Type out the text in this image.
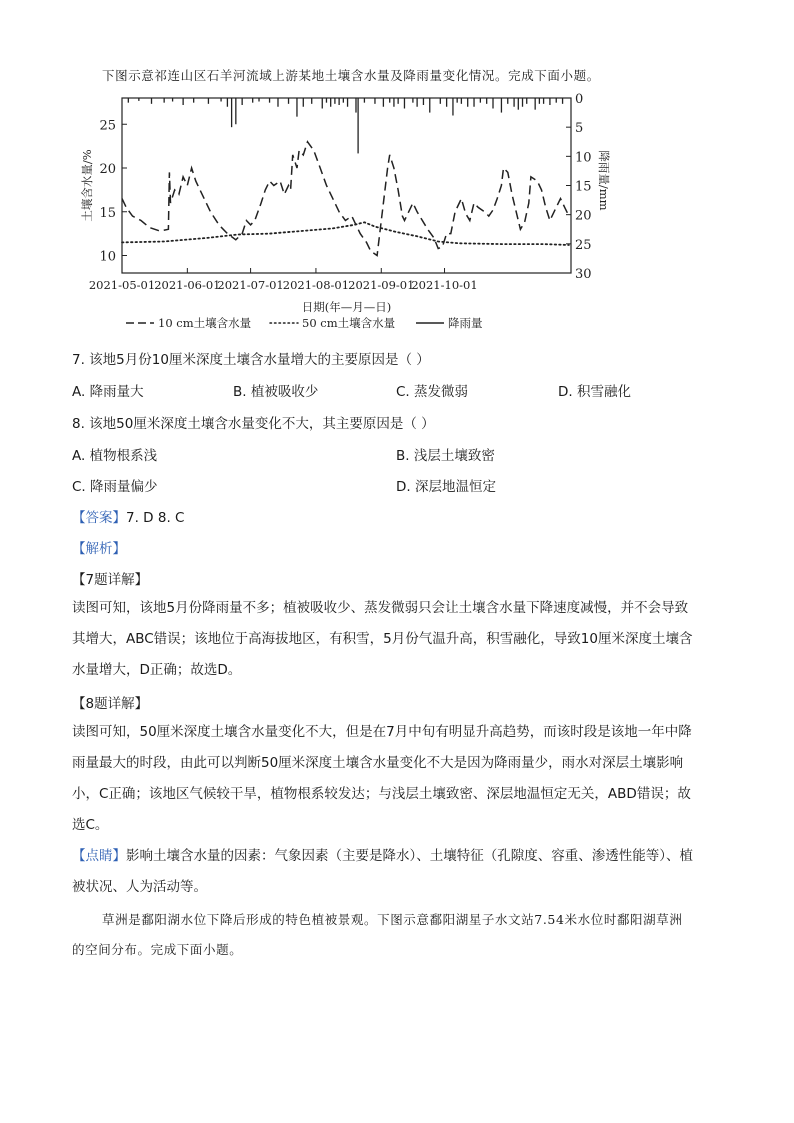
下图示意祁连山区石羊河流域上游某地土壤含水量及降雨量变化情况。完成下面小题。
10
15
20
25
0
5
10
15
20
25
30
2021-05-01 2021-06-01
2021-07-01 2021-08-01 2021-09-01
2021-10-01
日期(年—月—日)
土壤含水量/%	降雨量/mm
10 cm土壤含水量	50 cm土壤含水量	降雨量
7. 该地5月份10厘米深度土壤含水量增大的主要原因是（ ）
A. 降雨量大	B. 植被吸收少	C. 蒸发微弱	D. 积雪融化
8. 该地50厘米深度土壤含水量变化不大，其主要原因是（ ）
A. 植物根系浅	B. 浅层土壤致密
C. 降雨量偏少	D. 深层地温恒定
【答案】7. D 8. C
【解析】
【7题详解】
读图可知，该地5月份降雨量不多；植被吸收少、蒸发微弱只会让土壤含水量下降速度减慢，并不会导致
其增大，ABC错误；该地位于高海拔地区，有积雪，5月份气温升高，积雪融化，导致10厘米深度土壤含
水量增大，D正确；故选D。
【8题详解】
读图可知，50厘米深度土壤含水量变化不大，但是在7月中旬有明显升高趋势，而该时段是该地一年中降
雨量最大的时段，由此可以判断50厘米深度土壤含水量变化不大是因为降雨量少，雨水对深层土壤影响
小，C正确；该地区气候较干旱，植物根系较发达；与浅层土壤致密、深层地温恒定无关，ABD错误；故
选C。
【点睛】影响土壤含水量的因素：气象因素（主要是降水）、土壤特征（孔隙度、容重、渗透性能等）、植
被状况、人为活动等。
草洲是鄱阳湖水位下降后形成的特色植被景观。下图示意鄱阳湖星子水文站7.54米水位时鄱阳湖草洲
的空间分布。完成下面小题。
